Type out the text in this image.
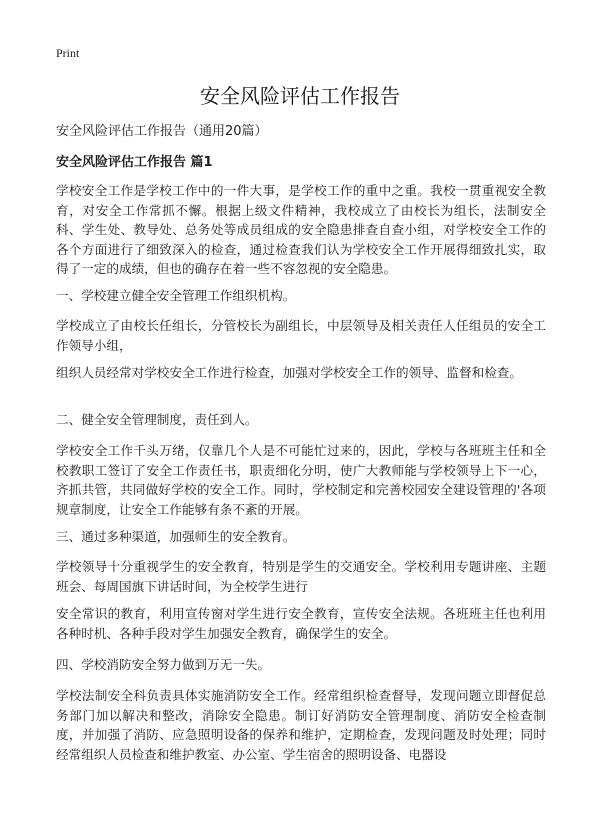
Print
安全风险评估工作报告

安全风险评估工作报告（通用20篇）

安全风险评估工作报告 篇1

学校安全工作是学校工作中的一件大事，是学校工作的重中之重。我校一贯重视安全教育，对安全工作常抓不懈。根据上级文件精神，我校成立了由校长为组长，法制安全科、学生处、教导处、总务处等成员组成的安全隐患排查自查小组，对学校安全工作的各个方面进行了细致深入的检查，通过检查我们认为学校安全工作开展得细致扎实，取得了一定的成绩，但也的确存在着一些不容忽视的安全隐患。

一、学校建立健全安全管理工作组织机构。

学校成立了由校长任组长，分管校长为副组长，中层领导及相关责任人任组员的安全工作领导小组，

组织人员经常对学校安全工作进行检查，加强对学校安全工作的领导、监督和检查。

二、健全安全管理制度，责任到人。

学校安全工作千头万绪，仅靠几个人是不可能忙过来的，因此，学校与各班班主任和全校教职工签订了安全工作责任书，职责细化分明，使广大教师能与学校领导上下一心，齐抓共管，共同做好学校的安全工作。同时，学校制定和完善校园安全建设管理的'各项规章制度，让安全工作能够有条不紊的开展。

三、通过多种渠道，加强师生的安全教育。

学校领导十分重视学生的安全教育，特别是学生的交通安全。学校利用专题讲座、主题班会、每周国旗下讲话时间，为全校学生进行

安全常识的教育，利用宣传窗对学生进行安全教育，宣传安全法规。各班班主任也利用各种时机、各种手段对学生加强安全教育，确保学生的安全。

四、学校消防安全努力做到万无一失。

学校法制安全科负责具体实施消防安全工作。经常组织检查督导，发现问题立即督促总务部门加以解决和整改，消除安全隐患。制订好消防安全管理制度、消防安全检查制度，并加强了消防、应急照明设备的保养和维护，定期检查，发现问题及时处理；同时经常组织人员检查和维护教室、办公室、学生宿舍的照明设备、电器设
